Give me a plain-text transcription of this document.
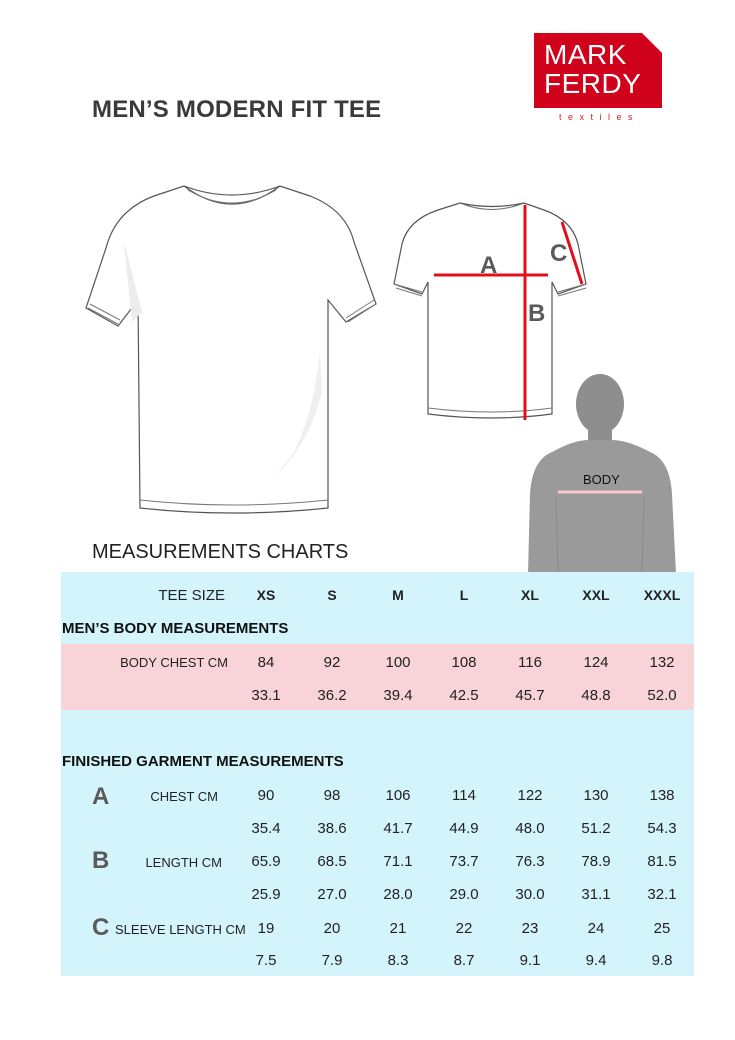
MEN’S MODERN FIT TEE
MARK
FERDY
textiles
A
B
C
BODY
MEASUREMENTS CHARTS
TEE SIZE	XS	S	M	L	XL	XXL	XXXL
MEN’S BODY MEASUREMENTS
BODY CHEST CM	84	92	100	108	116	124	132
33.1	36.2	39.4	42.5	45.7	48.8	52.0
FINISHED GARMENT MEASUREMENTS
A	CHEST CM	90	98	106	114	122	130	138
35.4	38.6	41.7	44.9	48.0	51.2	54.3
B	LENGTH CM	65.9	68.5	71.1	73.7	76.3	78.9	81.5
25.9	27.0	28.0	29.0	30.0	31.1	32.1
C SLEEVE LENGTH CM 19	20	21	22	23	24	25
7.5	7.9	8.3	8.7	9.1	9.4	9.8
